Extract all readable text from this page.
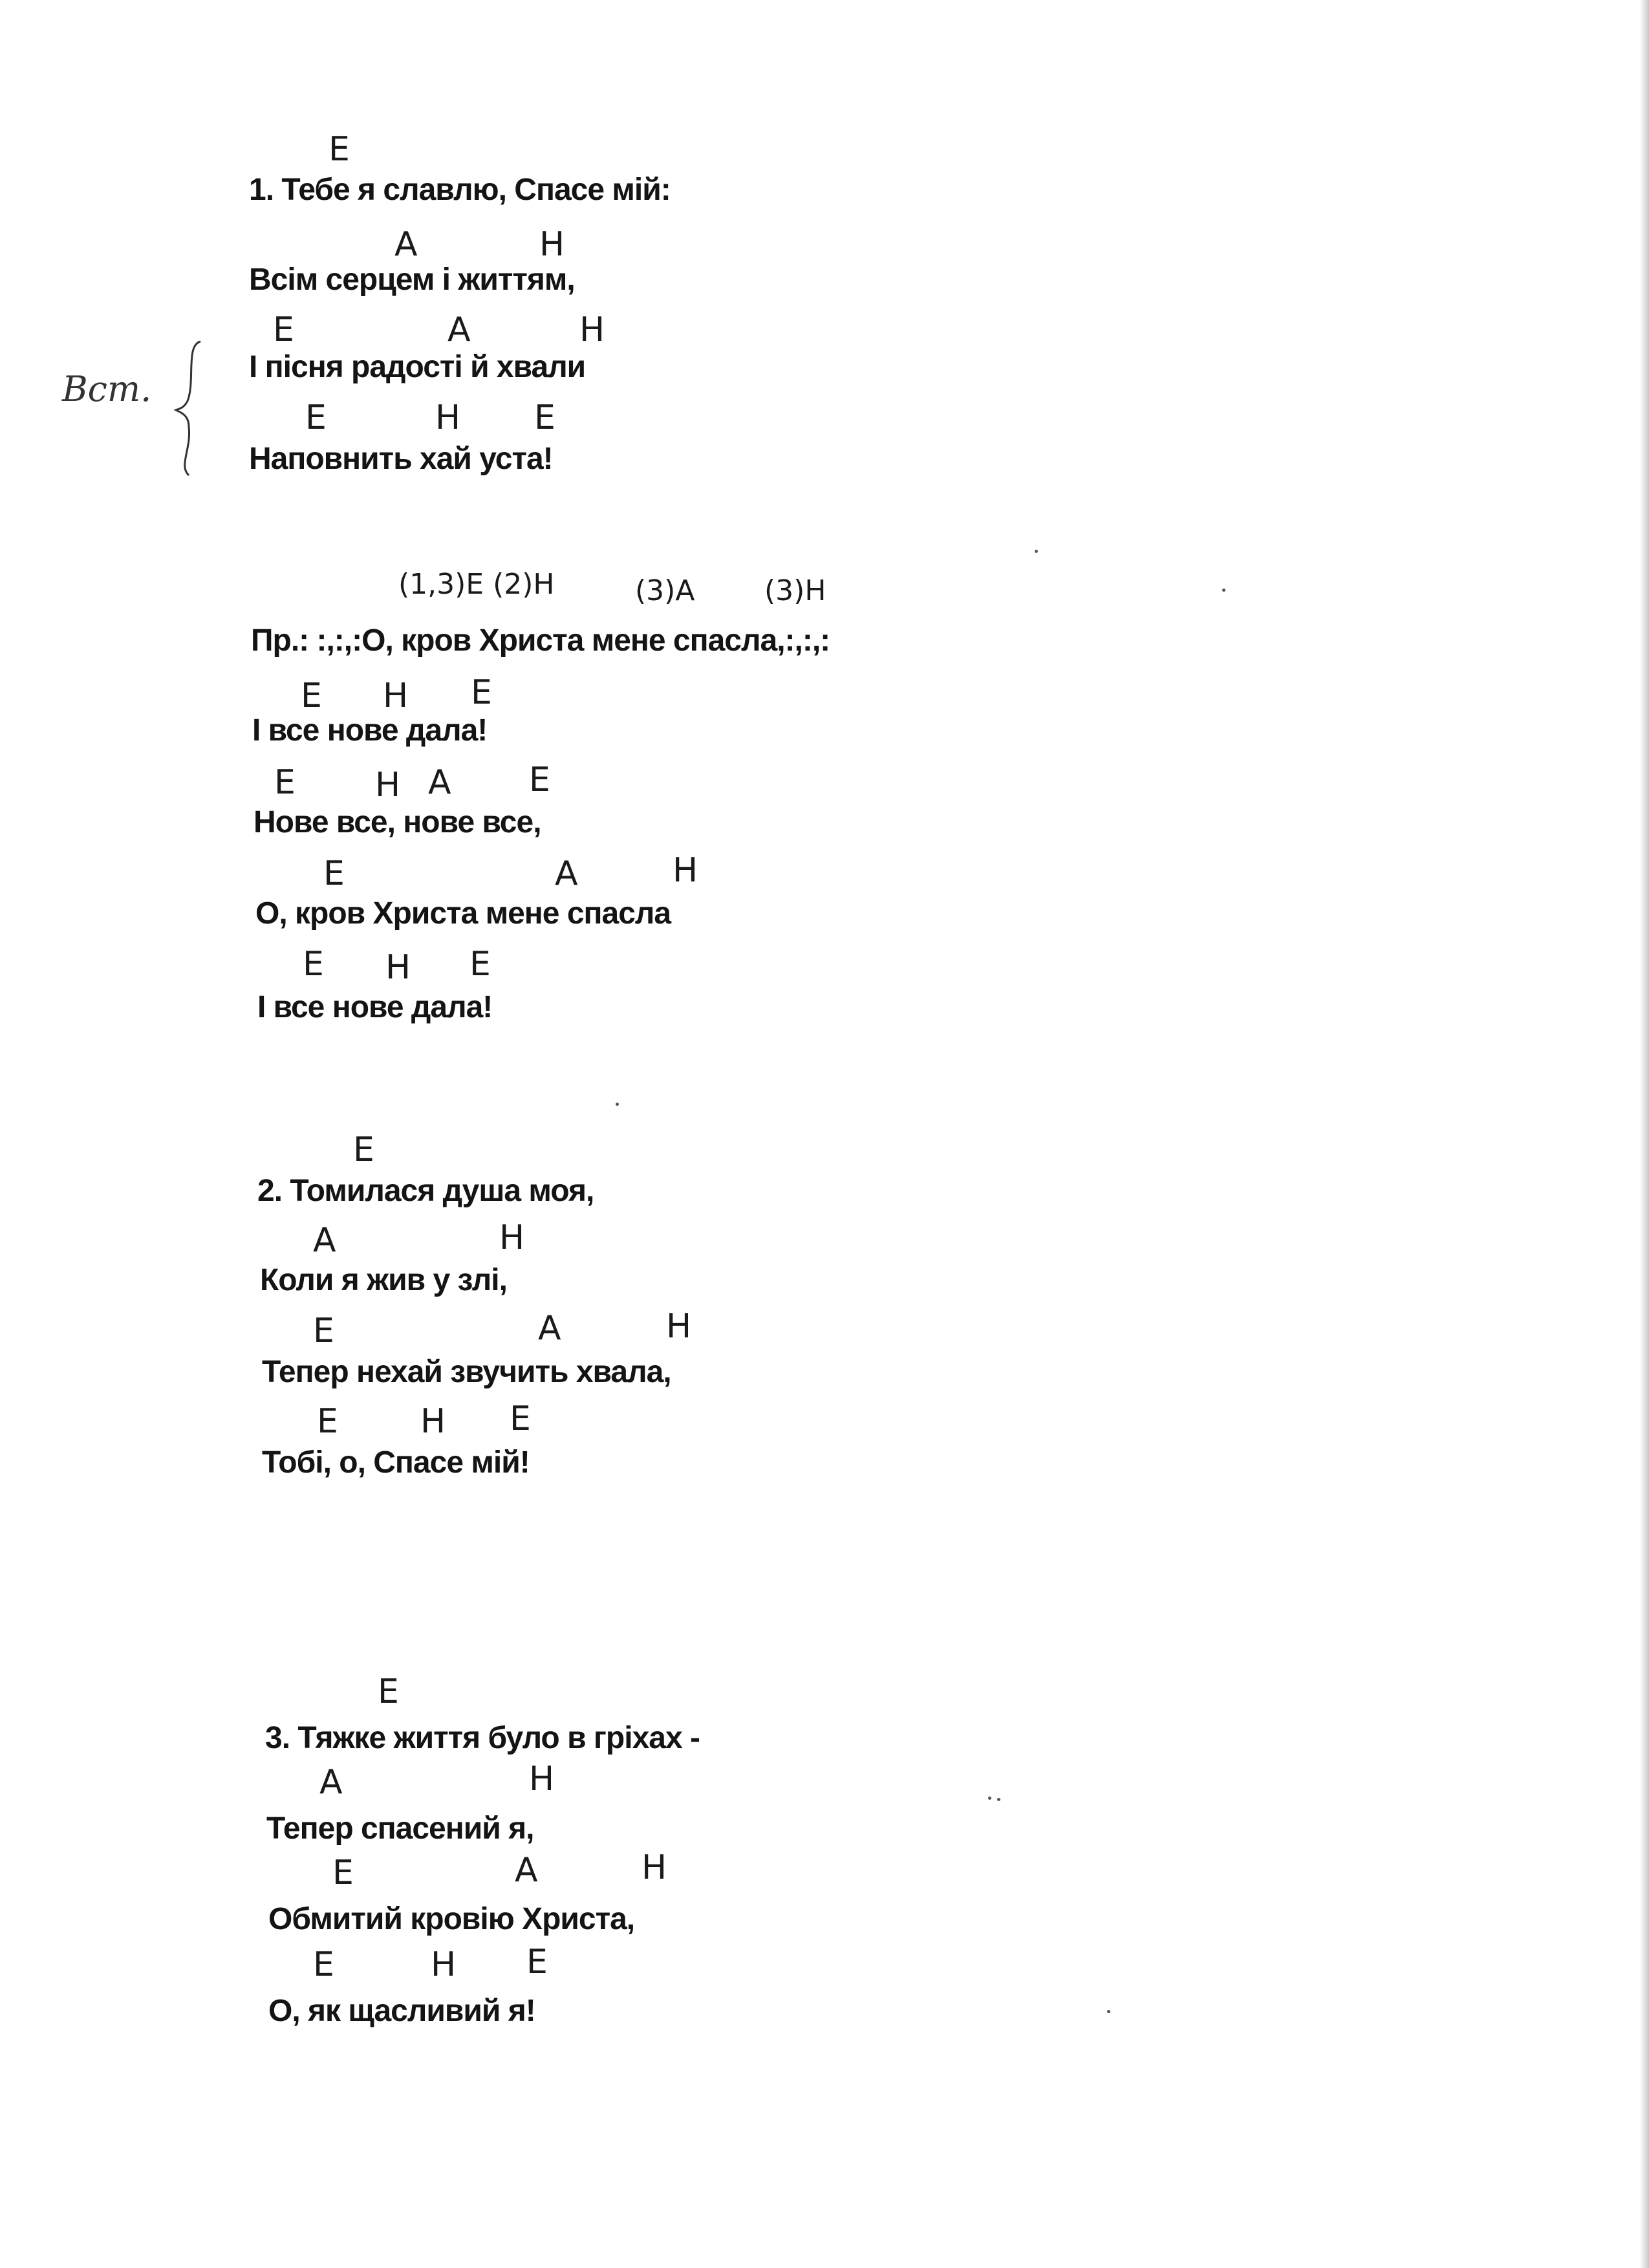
Вст.
E
1. Тебе я славлю, Спасе мій:
A	H
Всім серцем і життям,
E	A	H
І пісня радості й хвали
E	H E
Наповнить хай уста!
(1,3)E (2)H	(3)A (3)H
Пр.: :,:,:О, кров Христа мене спасла,:,:,:
E H E
І все нове дала!
E H A E
Нове все, нове все,
E	A	H
О, кров Христа мене спасла
E H E
І все нове дала!
E
2. Томилася душа моя,
A	H
Коли я жив у злі,
E	A	H
Тепер нехай звучить хвала,
E H E
Тобі, о, Спасе мій!
E
3. Тяжке життя було в гріхах -
A	H
Тепер спасений я,
E	A	H
Обмитий кровію Христа,
E	H E
О, як щасливий я!
